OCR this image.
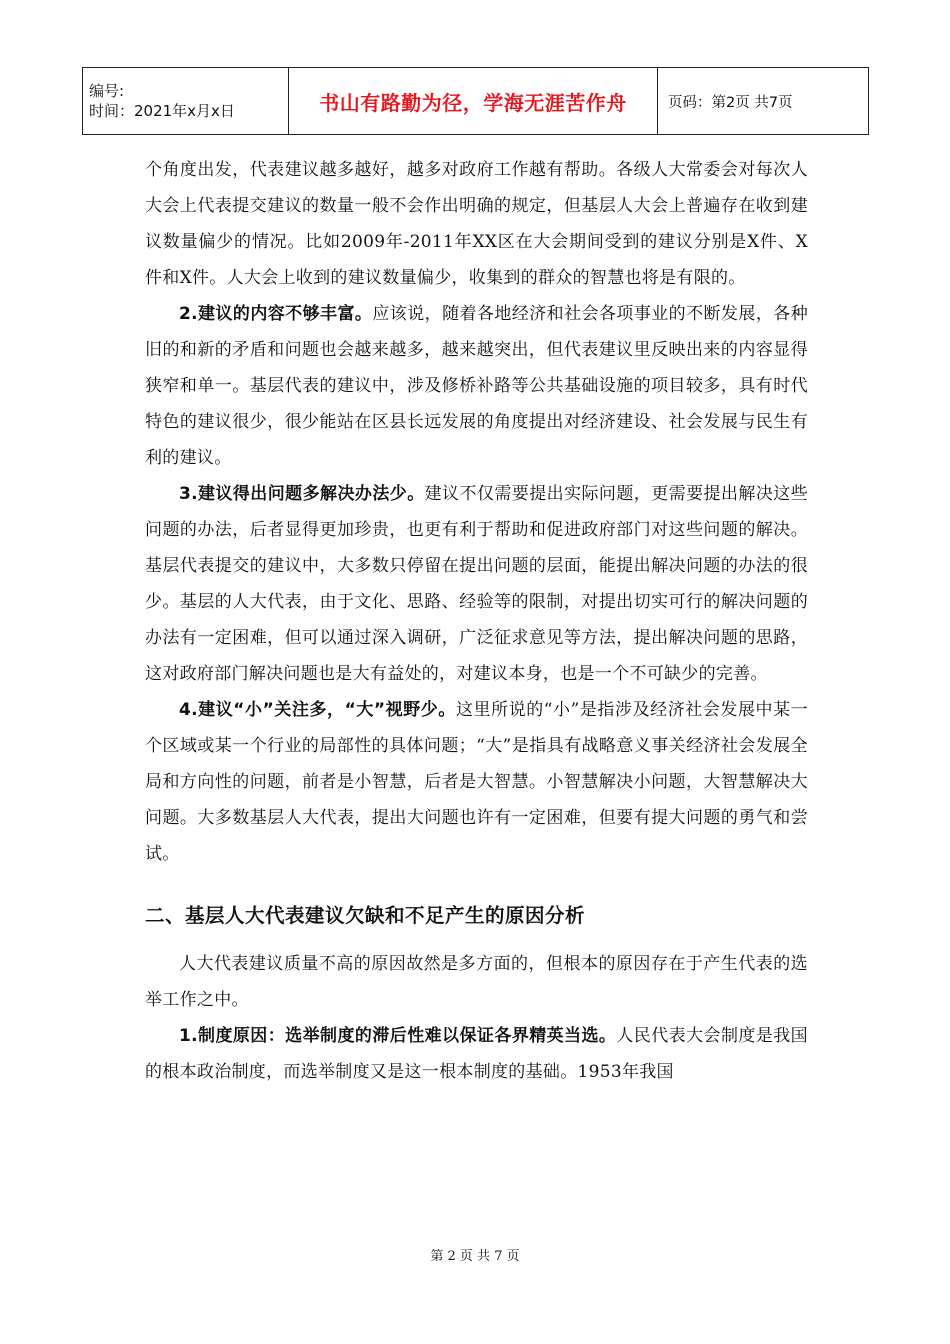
编号:
时间：2021年x月x日	书山有路勤为径，学海无涯苦作舟	页码：第2页 共7页

个角度出发，代表建议越多越好，越多对政府工作越有帮助。各级人大常委会对每次人大会上代表提交建议的数量一般不会作出明确的规定，但基层人大会上普遍存在收到建议数量偏少的情况。比如2009年-2011年XX区在大会期间受到的建议分别是X件、X件和X件。人大会上收到的建议数量偏少，收集到的群众的智慧也将是有限的。

2.建议的内容不够丰富。应该说，随着各地经济和社会各项事业的不断发展，各种旧的和新的矛盾和问题也会越来越多，越来越突出，但代表建议里反映出来的内容显得狭窄和单一。基层代表的建议中，涉及修桥补路等公共基础设施的项目较多，具有时代特色的建议很少，很少能站在区县长远发展的角度提出对经济建设、社会发展与民生有利的建议。

3.建议得出问题多解决办法少。建议不仅需要提出实际问题，更需要提出解决这些问题的办法，后者显得更加珍贵，也更有利于帮助和促进政府部门对这些问题的解决。基层代表提交的建议中，大多数只停留在提出问题的层面，能提出解决问题的办法的很少。基层的人大代表，由于文化、思路、经验等的限制，对提出切实可行的解决问题的办法有一定困难，但可以通过深入调研，广泛征求意见等方法，提出解决问题的思路，这对政府部门解决问题也是大有益处的，对建议本身，也是一个不可缺少的完善。

4.建议“小”关注多，“大”视野少。这里所说的“小”是指涉及经济社会发展中某一个区域或某一个行业的局部性的具体问题；“大”是指具有战略意义事关经济社会发展全局和方向性的问题，前者是小智慧，后者是大智慧。小智慧解决小问题，大智慧解决大问题。大多数基层人大代表，提出大问题也许有一定困难，但要有提大问题的勇气和尝试。

二、基层人大代表建议欠缺和不足产生的原因分析

人大代表建议质量不高的原因故然是多方面的，但根本的原因存在于产生代表的选举工作之中。

1.制度原因：选举制度的滞后性难以保证各界精英当选。人民代表大会制度是我国的根本政治制度，而选举制度又是这一根本制度的基础。1953年我国

第 2 页 共 7 页
